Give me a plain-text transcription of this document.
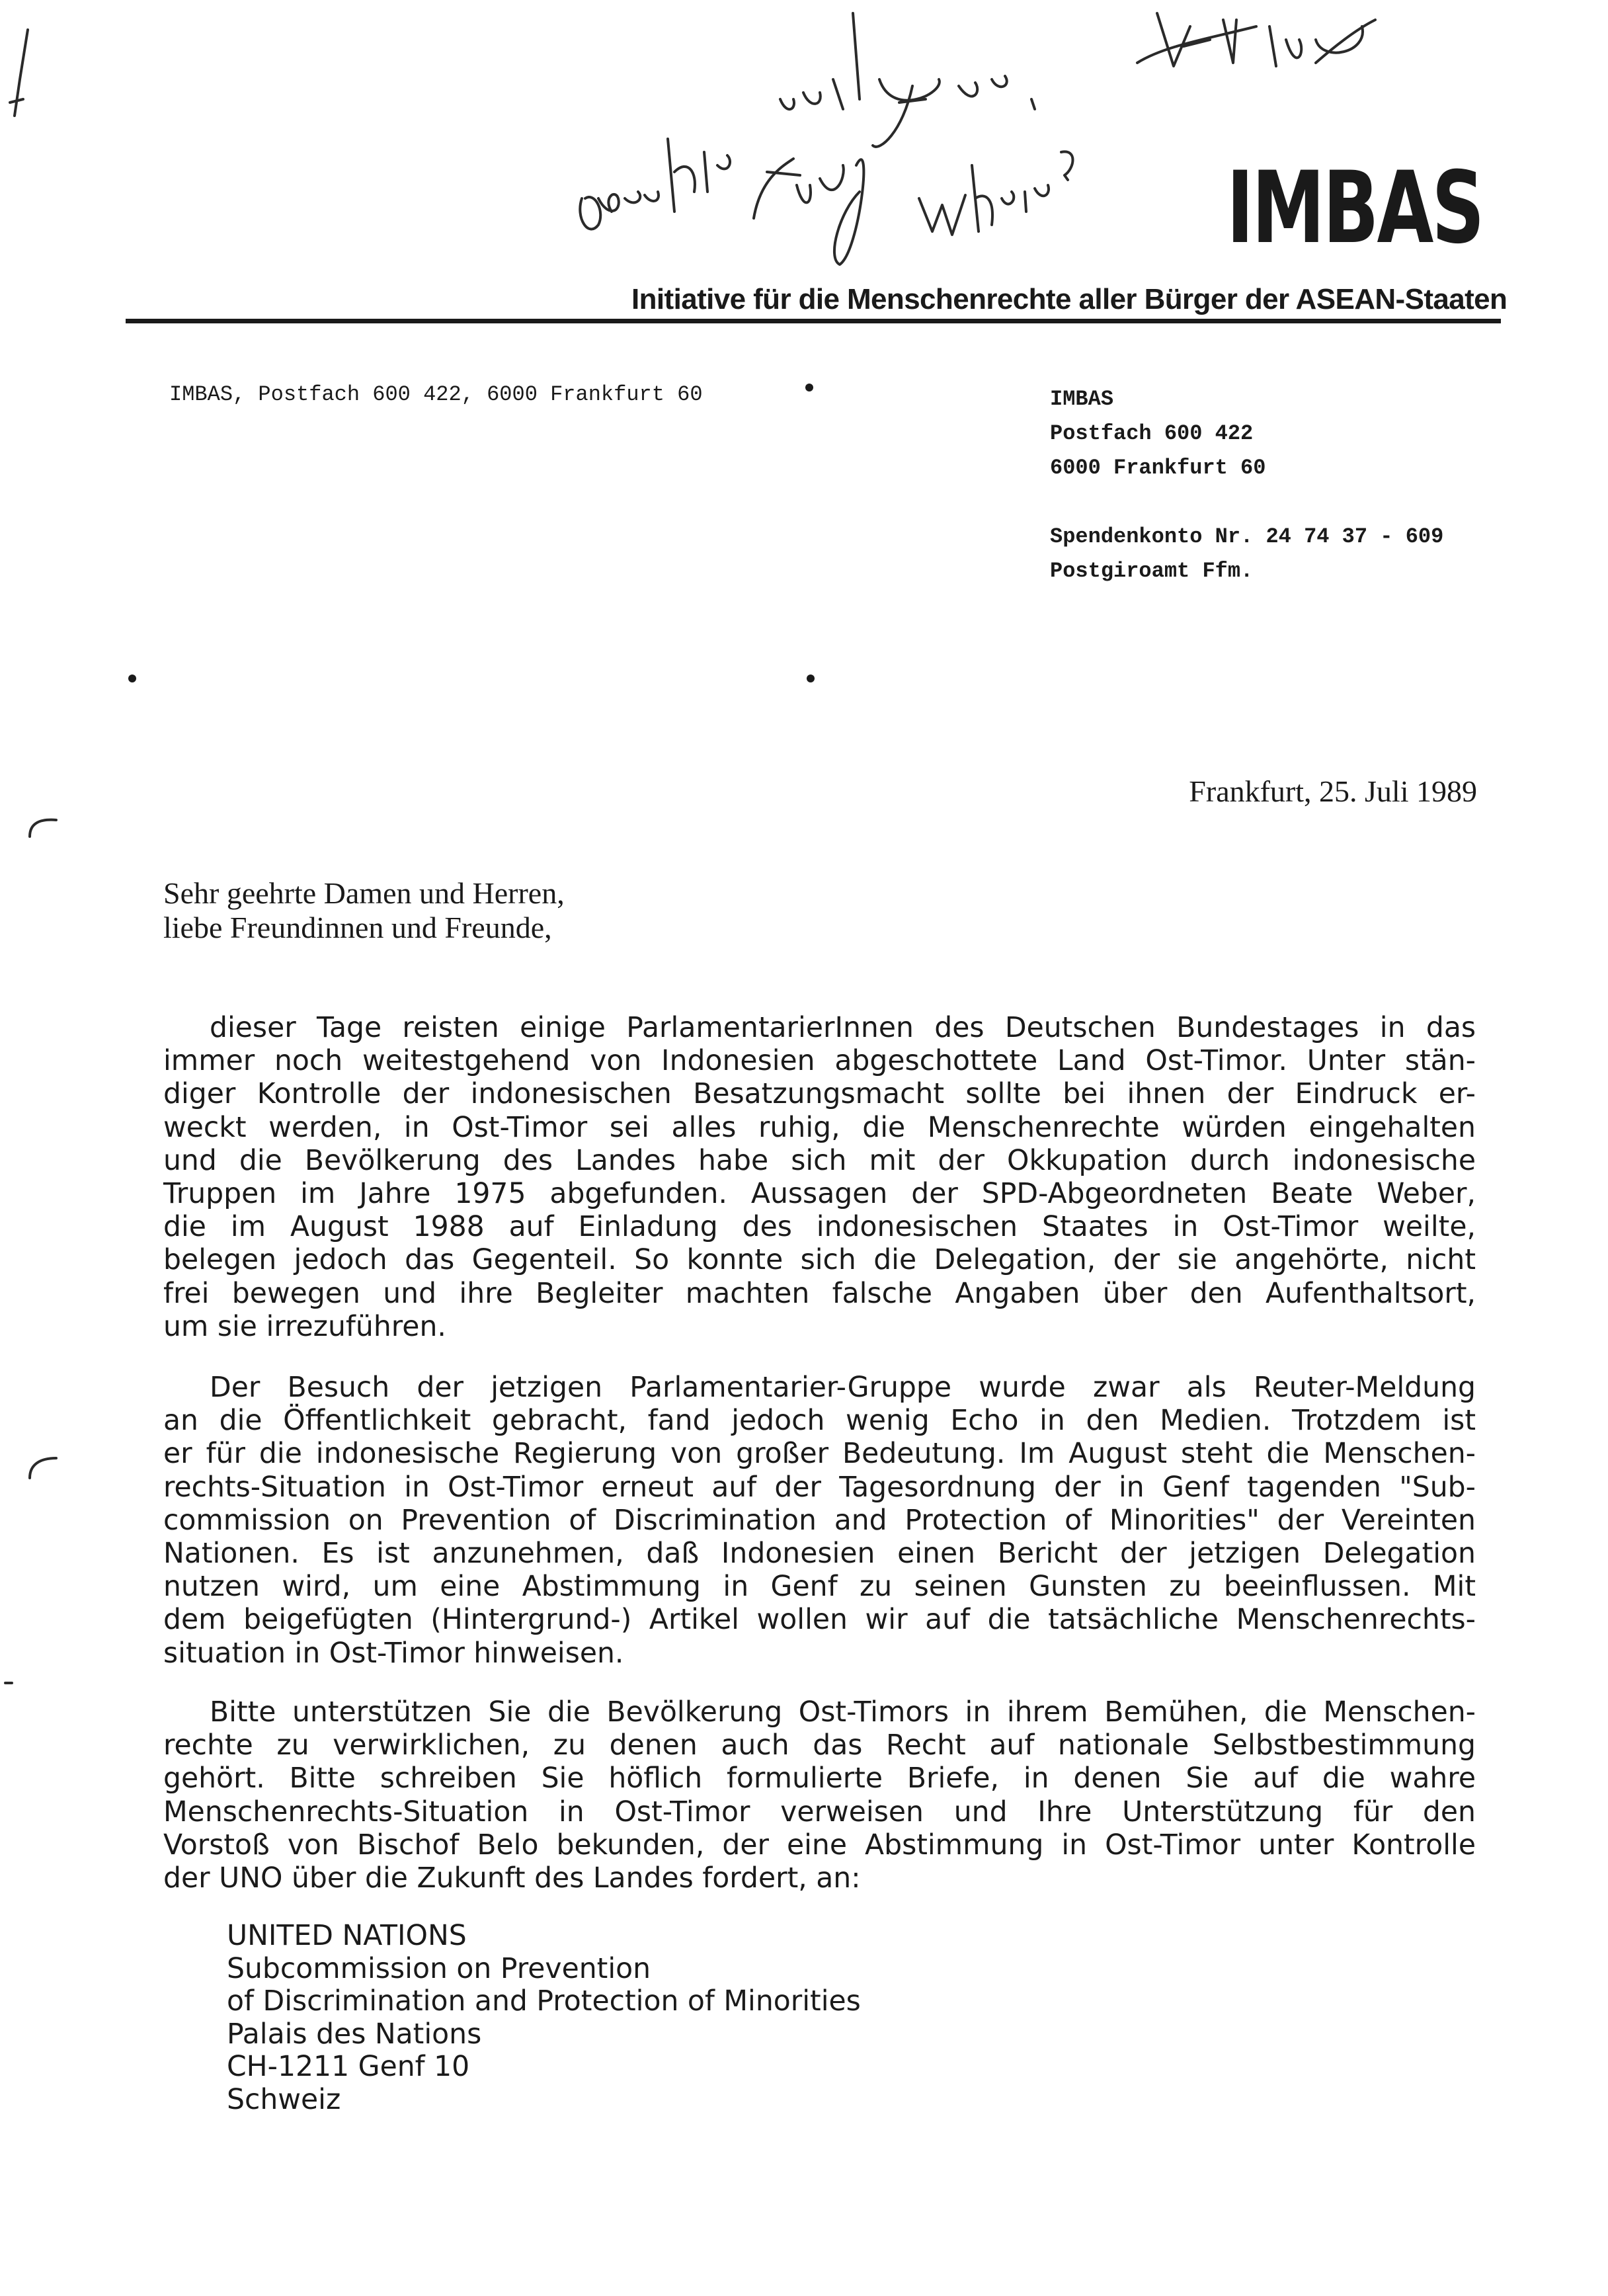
IMBAS
Initiative für die Menschenrechte aller Bürger der ASEAN-Staaten
IMBAS, Postfach 600 422, 6000 Frankfurt 60	IMBAS
Postfach 600 422
6000 Frankfurt 60
Spendenkonto Nr. 24 74 37 - 609
Postgiroamt Ffm.
Frankfurt, 25. Juli 1989
Sehr geehrte Damen und Herren,
liebe Freundinnen und Freunde,
dieser Tage reisten einige ParlamentarierInnen des Deutschen Bundestages in das
immer noch weitestgehend von Indonesien abgeschottete Land Ost-Timor. Unter stän-
diger Kontrolle der indonesischen Besatzungsmacht sollte bei ihnen der Eindruck er-
weckt werden, in Ost-Timor sei alles ruhig, die Menschenrechte würden eingehalten
und die Bevölkerung des Landes habe sich mit der Okkupation durch indonesische
Truppen im Jahre 1975 abgefunden. Aussagen der SPD-Abgeordneten Beate Weber,
die im August 1988 auf Einladung des indonesischen Staates in Ost-Timor weilte,
belegen jedoch das Gegenteil. So konnte sich die Delegation, der sie angehörte, nicht
frei bewegen und ihre Begleiter machten falsche Angaben über den Aufenthaltsort,
um sie irrezuführen.
Der Besuch der jetzigen Parlamentarier-Gruppe wurde zwar als Reuter-Meldung
an die Öffentlichkeit gebracht, fand jedoch wenig Echo in den Medien. Trotzdem ist
er für die indonesische Regierung von großer Bedeutung. Im August steht die Menschen-
rechts-Situation in Ost-Timor erneut auf der Tagesordnung der in Genf tagenden "Sub-
commission on Prevention of Discrimination and Protection of Minorities" der Vereinten
Nationen. Es ist anzunehmen, daß Indonesien einen Bericht der jetzigen Delegation
nutzen wird, um eine Abstimmung in Genf zu seinen Gunsten zu beeinflussen. Mit
dem beigefügten (Hintergrund-) Artikel wollen wir auf die tatsächliche Menschenrechts-
situation in Ost-Timor hinweisen.
Bitte unterstützen Sie die Bevölkerung Ost-Timors in ihrem Bemühen, die Menschen-
rechte zu verwirklichen, zu denen auch das Recht auf nationale Selbstbestimmung
gehört. Bitte schreiben Sie höflich formulierte Briefe, in denen Sie auf die wahre
Menschenrechts-Situation in Ost-Timor verweisen und Ihre Unterstützung für den
Vorstoß von Bischof Belo bekunden, der eine Abstimmung in Ost-Timor unter Kontrolle
der UNO über die Zukunft des Landes fordert, an:
UNITED NATIONS
Subcommission on Prevention
of Discrimination and Protection of Minorities
Palais des Nations
CH-1211 Genf 10
Schweiz
